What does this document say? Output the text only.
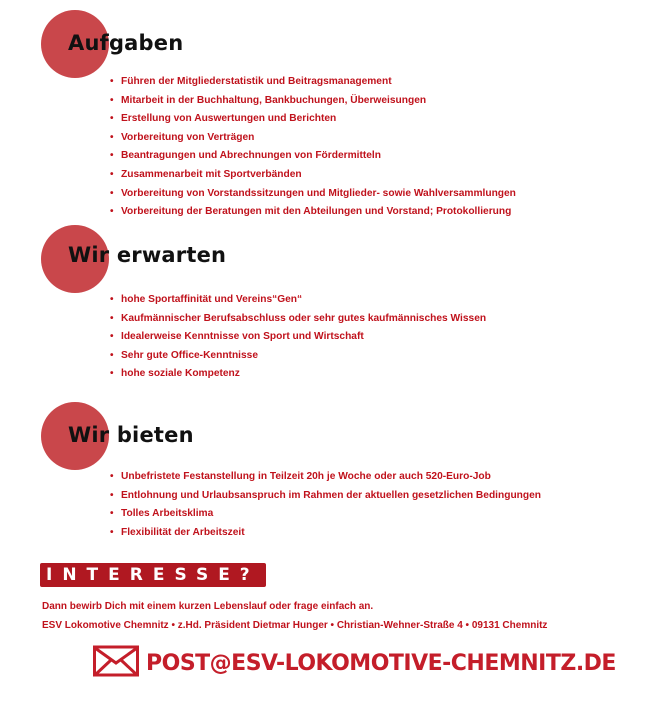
Aufgaben
• Führen der Mitgliederstatistik und Beitragsmanagement
• Mitarbeit in der Buchhaltung, Bankbuchungen, Überweisungen
• Erstellung von Auswertungen und Berichten
• Vorbereitung von Verträgen
• Beantragungen und Abrechnungen von Fördermitteln
• Zusammenarbeit mit Sportverbänden
• Vorbereitung von Vorstandssitzungen und Mitglieder- sowie Wahlversammlungen
• Vorbereitung der Beratungen mit den Abteilungen und Vorstand; Protokollierung
Wir erwarten
• hohe Sportaffinität und Vereins“Gen“
• Kaufmännischer Berufsabschluss oder sehr gutes kaufmännisches Wissen
• Idealerweise Kenntnisse von Sport und Wirtschaft
• Sehr gute Office-Kenntnisse
• hohe soziale Kompetenz
Wir bieten
• Unbefristete Festanstellung in Teilzeit 20h je Woche oder auch 520-Euro-Job
• Entlohnung und Urlaubsanspruch im Rahmen der aktuellen gesetzlichen Bedingungen
• Tolles Arbeitsklima
• Flexibilität der Arbeitszeit
INTERESSE?

Dann bewirb Dich mit einem kurzen Lebenslauf oder frage einfach an.

ESV Lokomotive Chemnitz • z.Hd. Präsident Dietmar Hunger • Christian-Wehner-Straße 4 • 09131 Chemnitz

POST@ESV-LOKOMOTIVE-CHEMNITZ.DE
